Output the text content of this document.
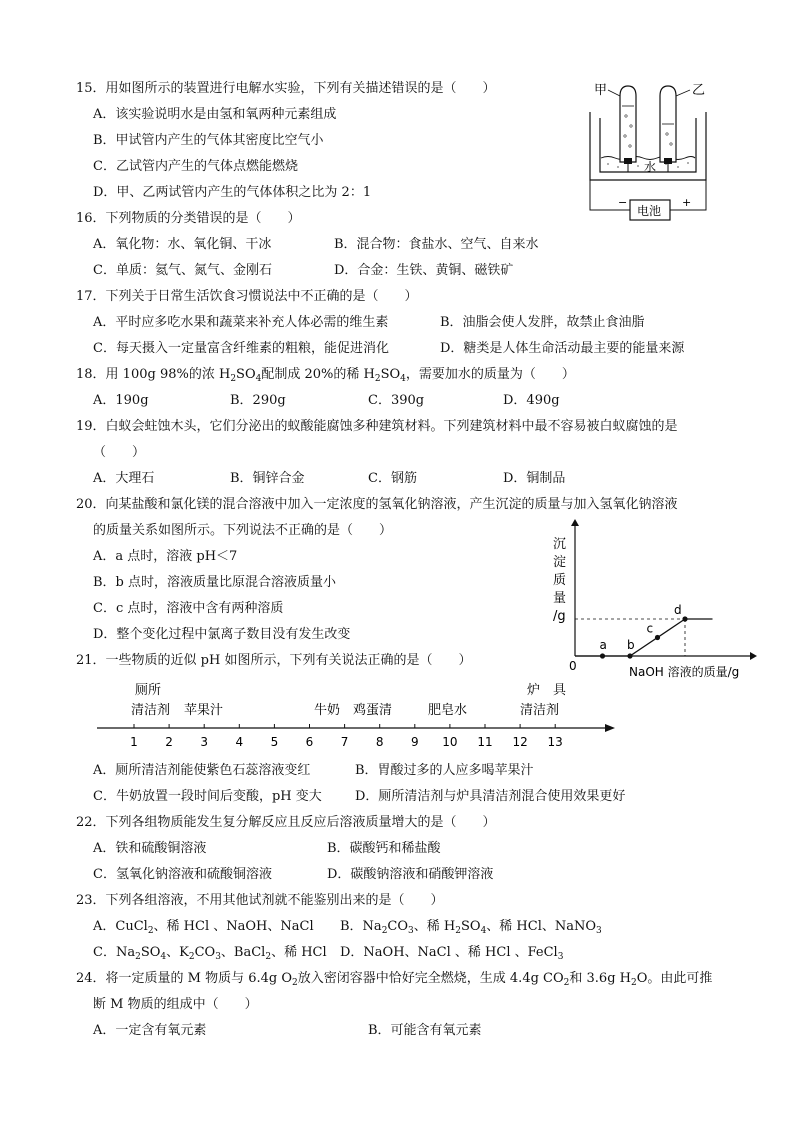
15．用如图所示的装置进行电解水实验，下列有关描述错误的是（　　）
A．该实验说明水是由氢和氧两种元素组成
B．甲试管内产生的气体其密度比空气小
C．乙试管内产生的气体点燃能燃烧
D．甲、乙两试管内产生的气体体积之比为 2：1
水
电池
−	+
甲	乙
16．下列物质的分类错误的是（　　）
A．氧化物：水、氧化铜、干冰	B．混合物：食盐水、空气、自来水
C．单质：氦气、氮气、金刚石	D．合金：生铁、黄铜、磁铁矿
17．下列关于日常生活饮食习惯说法中不正确的是（　　）
A．平时应多吃水果和蔬菜来补充人体必需的维生素	B．油脂会使人发胖，故禁止食油脂
C．每天摄入一定量富含纤维素的粗粮，能促进消化	D．糖类是人体生命活动最主要的能量来源
18．用 100g 98%的浓 $H_2SO_4$配制成 20%的稀 $H_2SO_4$，需要加水的质量为（　　）
A．190g	B．290g	C．390g	D．490g
19．白蚁会蛀蚀木头，它们分泌出的蚁酸能腐蚀多种建筑材料。下列建筑材料中最不容易被白蚁腐蚀的是
（　　）
A．大理石	B．铜锌合金	C．钢筋	D．铜制品
20．向某盐酸和氯化镁的混合溶液中加入一定浓度的氢氧化钠溶液，产生沉淀的质量与加入氢氧化钠溶液
的质量关系如图所示。下列说法不正确的是（　　）
A．a 点时，溶液 pH＜7
B．b 点时，溶液质量比原混合溶液质量小
C．c 点时，溶液中含有两种溶质
D．整个变化过程中氯离子数目没有发生改变
沉
淀
质
量
/g
0	NaOH 溶液的质量/g
a b
c
d
21．一些物质的近似 pH 如图所示，下列有关说法正确的是（　　）
厕所
清洁剂 苹果汁	牛奶 鸡蛋清	肥皂水
炉　具
清洁剂
1 2 3 4 5 6 7 8 9 10 11 12 13
A．厕所清洁剂能使紫色石蕊溶液变红	B．胃酸过多的人应多喝苹果汁
C．牛奶放置一段时间后变酸，pH 变大	D．厕所清洁剂与炉具清洁剂混合使用效果更好
22．下列各组物质能发生复分解反应且反应后溶液质量增大的是（　　）
A．铁和硫酸铜溶液	B．碳酸钙和稀盐酸
C．氢氧化钠溶液和硫酸铜溶液	D．碳酸钠溶液和硝酸钾溶液
23．下列各组溶液，不用其他试剂就不能鉴别出来的是（　　）
A．CuCl$_2$、稀 HCl 、NaOH、NaCl B．$Na_2CO_3$、稀 $H_2SO_4$、稀 HCl、NaNO$_3$
C．$Na_2SO_4$、$K_2CO_3$、BaCl$_2$、稀 HCl D．NaOH、NaCl 、稀 HCl 、FeCl$_3$
24．将一定质量的 M 物质与 6.4g $O_2$放入密闭容器中恰好完全燃烧，生成 4.4g $CO_2$和 3.6g $H_2O$。由此可推
断 M 物质的组成中（　　）
A．一定含有氧元素	B．可能含有氧元素
